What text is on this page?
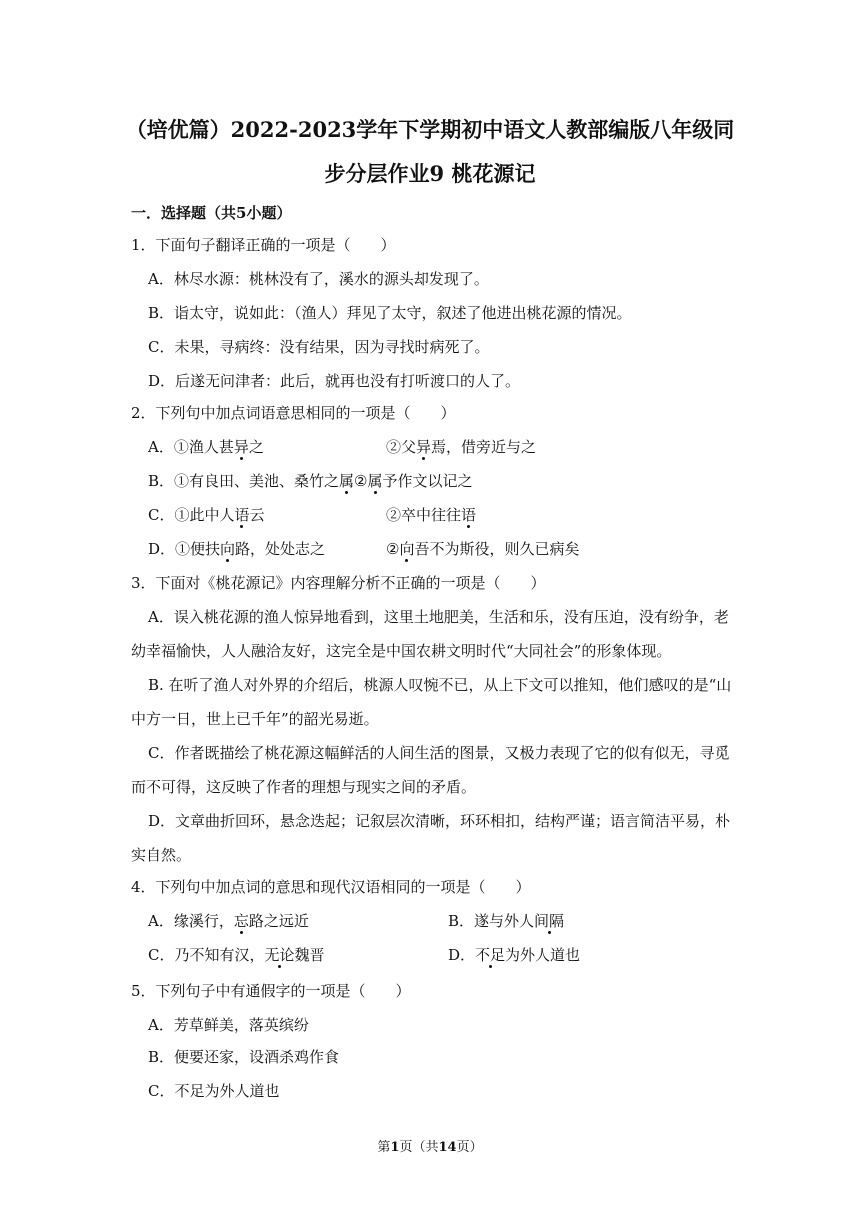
（培优篇）2022-2023学年下学期初中语文人教部编版八年级同
步分层作业9 桃花源记
一．选择题（共5小题）
1．下面句子翻译正确的一项是（　　）
A．林尽水源：桃林没有了，溪水的源头却发现了。
B．诣太守，说如此：（渔人）拜见了太守，叙述了他进出桃花源的情况。
C．未果，寻病终：没有结果，因为寻找时病死了。
D．后遂无问津者：此后，就再也没有打听渡口的人了。
2．下列句中加点词语意思相同的一项是（　　）
A．①渔人甚异之	②父异焉，借旁近与之
B．①有良田、美池、桑竹之属②属予作文以记之
C．①此中人语云	②卒中往往语
D．①便扶向路，处处志之	②向吾不为斯役，则久已病矣
3．下面对《桃花源记》内容理解分析不正确的一项是（　　）
A．误入桃花源的渔人惊异地看到，这里土地肥美，生活和乐，没有压迫，没有纷争，老
幼幸福愉快，人人融洽友好，这完全是中国农耕文明时代“大同社会”的形象体现。
B. 在听了渔人对外界的介绍后，桃源人叹惋不已，从上下文可以推知，他们感叹的是“山
中方一日，世上已千年”的韶光易逝。
C．作者既描绘了桃花源这幅鲜活的人间生活的图景，又极力表现了它的似有似无，寻觅
而不可得，这反映了作者的理想与现实之间的矛盾。
D．文章曲折回环，悬念迭起；记叙层次清晰，环环相扣，结构严谨；语言简洁平易，朴
实自然。
4．下列句中加点词的意思和现代汉语相同的一项是（　　）
A．缘溪行，忘路之远近	B．遂与外人间隔
C．乃不知有汉，无论魏晋	D．不足为外人道也
5．下列句子中有通假字的一项是（　　）
A．芳草鲜美，落英缤纷
B．便要还家，设酒杀鸡作食
C．不足为外人道也
第1页（共14页）
